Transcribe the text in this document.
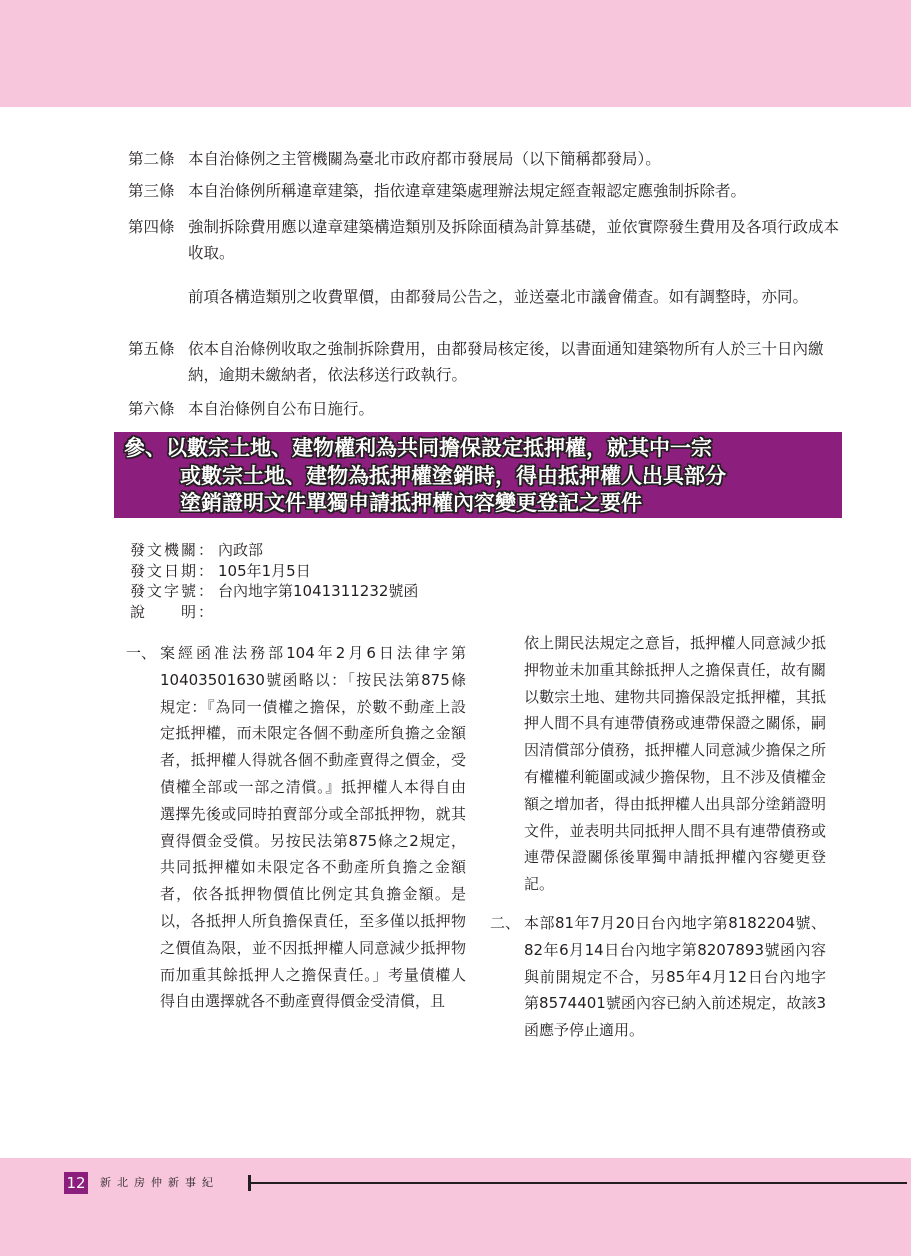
第二條 本自治條例之主管機關為臺北市政府都市發展局（以下簡稱都發局）。
第三條 本自治條例所稱違章建築，指依違章建築處理辦法規定經查報認定應強制拆除者。
第四條 強制拆除費用應以違章建築構造類別及拆除面積為計算基礎，並依實際發生費用及各項行政成本收取。
前項各構造類別之收費單價，由都發局公告之，並送臺北市議會備查。如有調整時，亦同。
第五條 依本自治條例收取之強制拆除費用，由都發局核定後，以書面通知建築物所有人於三十日內繳納，逾期未繳納者，依法移送行政執行。
第六條 本自治條例自公布日施行。
參、以數宗土地、建物權利為共同擔保設定抵押權，就其中一宗
或數宗土地、建物為抵押權塗銷時，得由抵押權人出具部分
塗銷證明文件單獨申請抵押權內容變更登記之要件
發文機關： 內政部
發文日期： 105年1月5日
發文字號： 台內地字第1041311232號函
說　　明：
一、 案經函准法務部104年2月6日法律字第10403501630號函略以：「按民法第875條規定：『為同一債權之擔保，於數不動產上設定抵押權，而未限定各個不動產所負擔之金額者，抵押權人得就各個不動產賣得之價金，受債權全部或一部之清償。』抵押權人本得自由選擇先後或同時拍賣部分或全部抵押物，就其賣得價金受償。另按民法第875條之2規定，共同抵押權如未限定各不動產所負擔之金額者，依各抵押物價值比例定其負擔金額。是以，各抵押人所負擔保責任，至多僅以抵押物之價值為限，並不因抵押權人同意減少抵押物而加重其餘抵押人之擔保責任。」考量債權人得自由選擇就各不動產賣得價金受清償，且
依上開民法規定之意旨，抵押權人同意減少抵押物並未加重其餘抵押人之擔保責任，故有關以數宗土地、建物共同擔保設定抵押權，其抵押人間不具有連帶債務或連帶保證之關係，嗣因清償部分債務，抵押權人同意減少擔保之所有權權利範圍或減少擔保物，且不涉及債權金額之增加者，得由抵押權人出具部分塗銷證明文件，並表明共同抵押人間不具有連帶債務或連帶保證關係後單獨申請抵押權內容變更登記。
二、 本部81年7月20日台內地字第8182204號、82年6月14日台內地字第8207893號函內容與前開規定不合，另85年4月12日台內地字第8574401號函內容已納入前述規定，故該3函應予停止適用。
12 新北房仲新事紀
